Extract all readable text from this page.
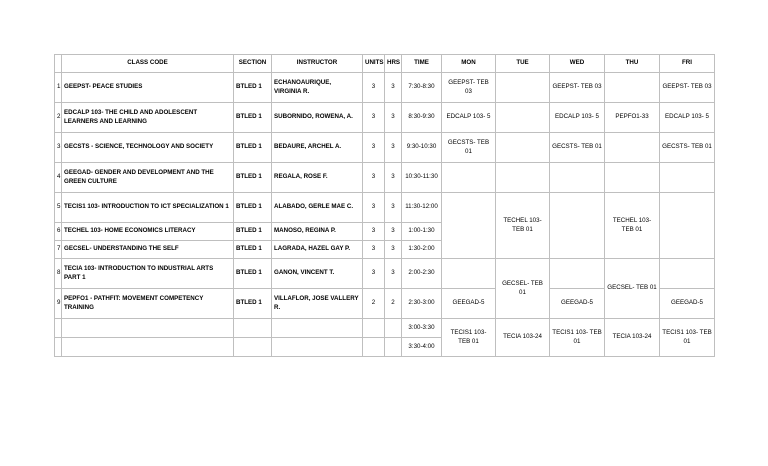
	CLASS CODE	SECTION	INSTRUCTOR	UNITS	HRS	TIME	MON	TUE	WED	THU	FRI
1	GEEPST- PEACE STUDIES	BTLED 1	ECHANOAURIQUE, VIRGINIA R.	3	3	7:30-8:30	GEEPST- TEB 03		GEEPST- TEB 03		GEEPST- TEB 03
2	EDCALP 103- THE CHILD AND ADOLESCENT LEARNERS AND LEARNING	BTLED 1	SUBORNIDO, ROWENA, A.	3	3	8:30-9:30	EDCALP 103- 5		EDCALP 103- 5	PEPFO1-33	EDCALP 103- 5
3	GECSTS - SCIENCE, TECHNOLOGY AND SOCIETY	BTLED 1	BEDAURE, ARCHEL A.	3	3	9:30-10:30	GECSTS- TEB 01		GECSTS- TEB 01		GECSTS- TEB 01
4	GEEGAD- GENDER AND DEVELOPMENT AND THE GREEN CULTURE	BTLED 1	REGALA, ROSE F.	3	3	10:30-11:30					
5	TECIS1 103- INTRODUCTION TO ICT SPECIALIZATION 1	BTLED 1	ALABADO, GERLE MAE C.	3	3	11:30-12:00		TECHEL 103- TEB 01		TECHEL 103- TEB 01	
6	TECHEL 103- HOME ECONOMICS LITERACY	BTLED 1	MANOSO, REGINA P.	3	3	1:00-1:30					
7	GECSEL- UNDERSTANDING THE SELF	BTLED 1	LAGRADA, HAZEL GAY P.	3	3	1:30-2:00					
8	TECIA 103- INTRODUCTION TO INDUSTRIAL ARTS PART 1	BTLED 1	GANON, VINCENT T.	3	3	2:00-2:30		GECSEL- TEB 01		GECSEL- TEB 01	
9	PEPFO1 - PATHFIT: MOVEMENT COMPETENCY TRAINING	BTLED 1	VILLAFLOR, JOSE VALLERY R.	2	2	2:30-3:00	GEEGAD-5		GEEGAD-5		GEEGAD-5
						3:00-3:30	TECIS1 103- TEB 01	TECIA 103-24	TECIS1 103- TEB 01	TECIA 103-24	TECIS1 103- TEB 01
						3:30-4:00					
